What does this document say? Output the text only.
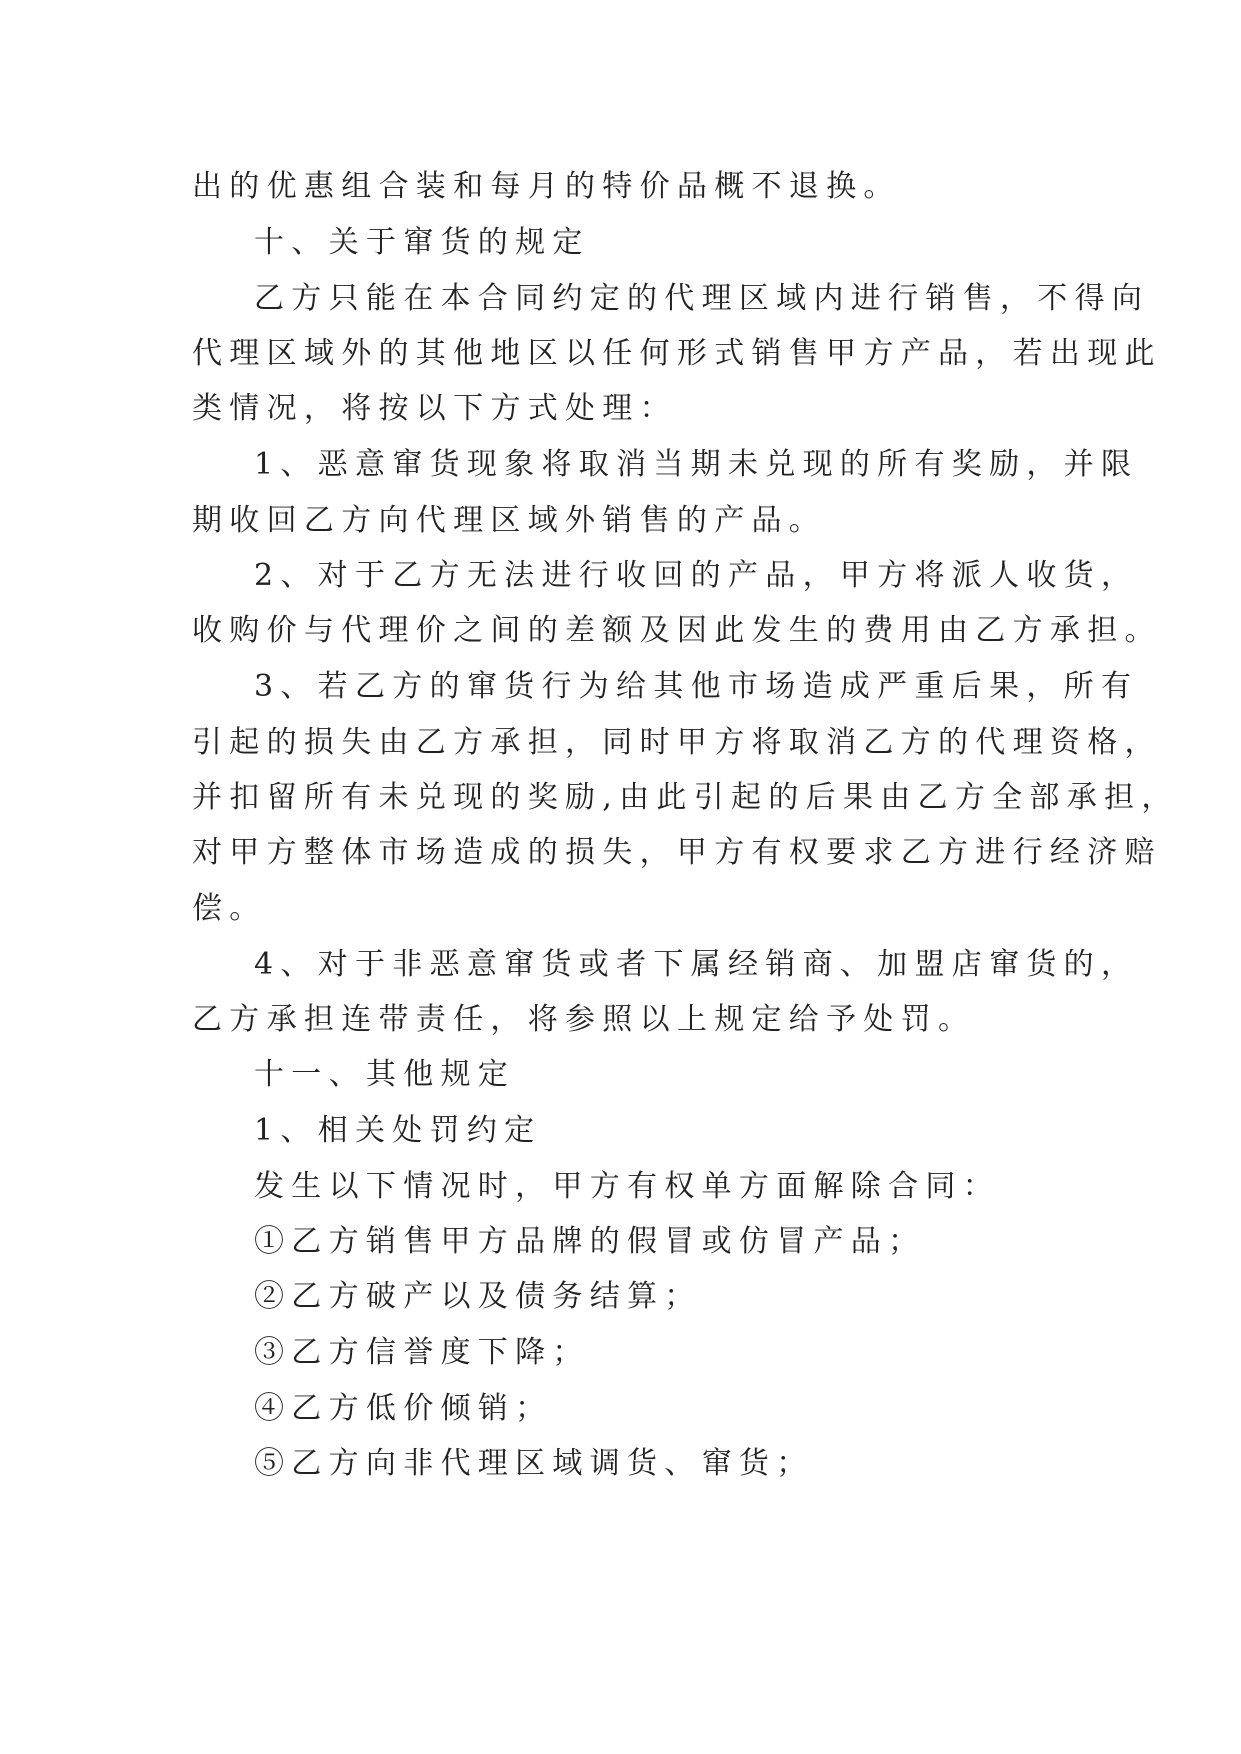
出的优惠组合装和每月的特价品概不退换。
十、关于窜货的规定
乙方只能在本合同约定的代理区域内进行销售，不得向
代理区域外的其他地区以任何形式销售甲方产品，若出现此
类情况，将按以下方式处理：
1、恶意窜货现象将取消当期未兑现的所有奖励，并限
期收回乙方向代理区域外销售的产品。
2、对于乙方无法进行收回的产品，甲方将派人收货，
收购价与代理价之间的差额及因此发生的费用由乙方承担。
3、若乙方的窜货行为给其他市场造成严重后果，所有
引起的损失由乙方承担，同时甲方将取消乙方的代理资格，
并扣留所有未兑现的奖励,由此引起的后果由乙方全部承担，
对甲方整体市场造成的损失，甲方有权要求乙方进行经济赔
偿。
4、对于非恶意窜货或者下属经销商、加盟店窜货的，
乙方承担连带责任，将参照以上规定给予处罚。
十一、其他规定
1、相关处罚约定
发生以下情况时，甲方有权单方面解除合同：
①乙方销售甲方品牌的假冒或仿冒产品；
②乙方破产以及债务结算；
③乙方信誉度下降；
④乙方低价倾销；
⑤乙方向非代理区域调货、窜货；
